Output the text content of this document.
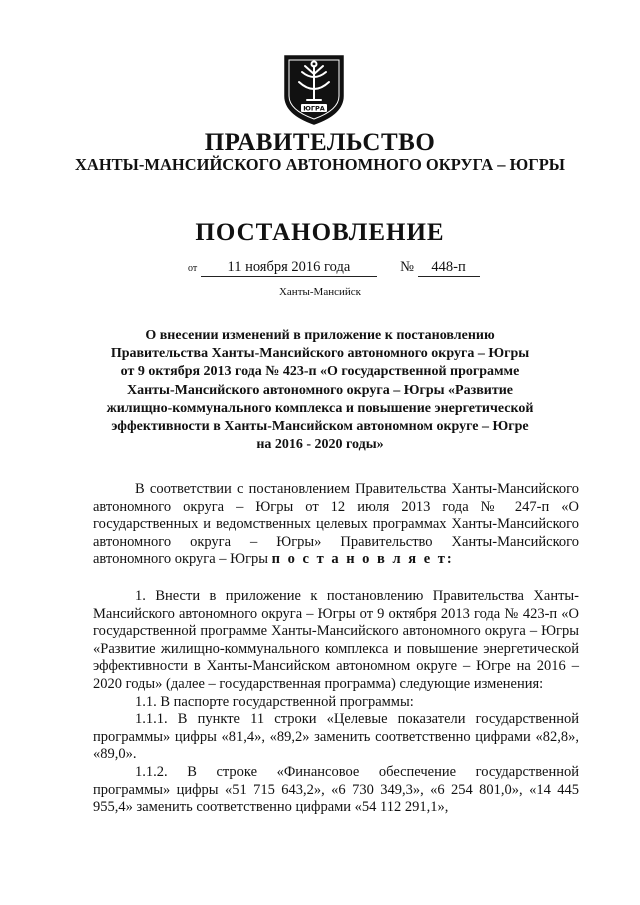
ЮГРА
ПРАВИТЕЛЬСТВО
ХАНТЫ-МАНСИЙСКОГО АВТОНОМНОГО ОКРУГА – ЮГРЫ
ПОСТАНОВЛЕНИЕ
от 11 ноября 2016 года	№ 448-п
Ханты-Мансийск
О внесении изменений в приложение к постановлению
Правительства Ханты-Мансийского автономного округа – Югры
от 9 октября 2013 года № 423-п «О государственной программе
Ханты-Мансийского автономного округа – Югры «Развитие
жилищно-коммунального комплекса и повышение энергетической
эффективности в Ханты-Мансийском автономном округе – Югре
на 2016 - 2020 годы»

В соответствии с постановлением Правительства Ханты-Мансийского автономного округа – Югры от 12 июля 2013 года № 247-п «О государственных и ведомственных целевых программах Ханты-Мансийского автономного округа – Югры» Правительство Ханты-Мансийского автономного округа – Югры п о с т а н о в л я е т:

1. Внести в приложение к постановлению Правительства Ханты-Мансийского автономного округа – Югры от 9 октября 2013 года № 423-п «О государственной программе Ханты-Мансийского автономного округа – Югры «Развитие жилищно-коммунального комплекса и повышение энергетической эффективности в Ханты-Мансийском автономном округе – Югре на 2016 – 2020 годы» (далее – государственная программа) следующие изменения:

1.1. В паспорте государственной программы:

1.1.1. В пункте 11 строки «Целевые показатели государственной программы» цифры «81,4», «89,2» заменить соответственно цифрами «82,8», «89,0».

1.1.2. В строке «Финансовое обеспечение государственной программы» цифры «51 715 643,2», «6 730 349,3», «6 254 801,0», «14 445 955,4» заменить соответственно цифрами «54 112 291,1»,
